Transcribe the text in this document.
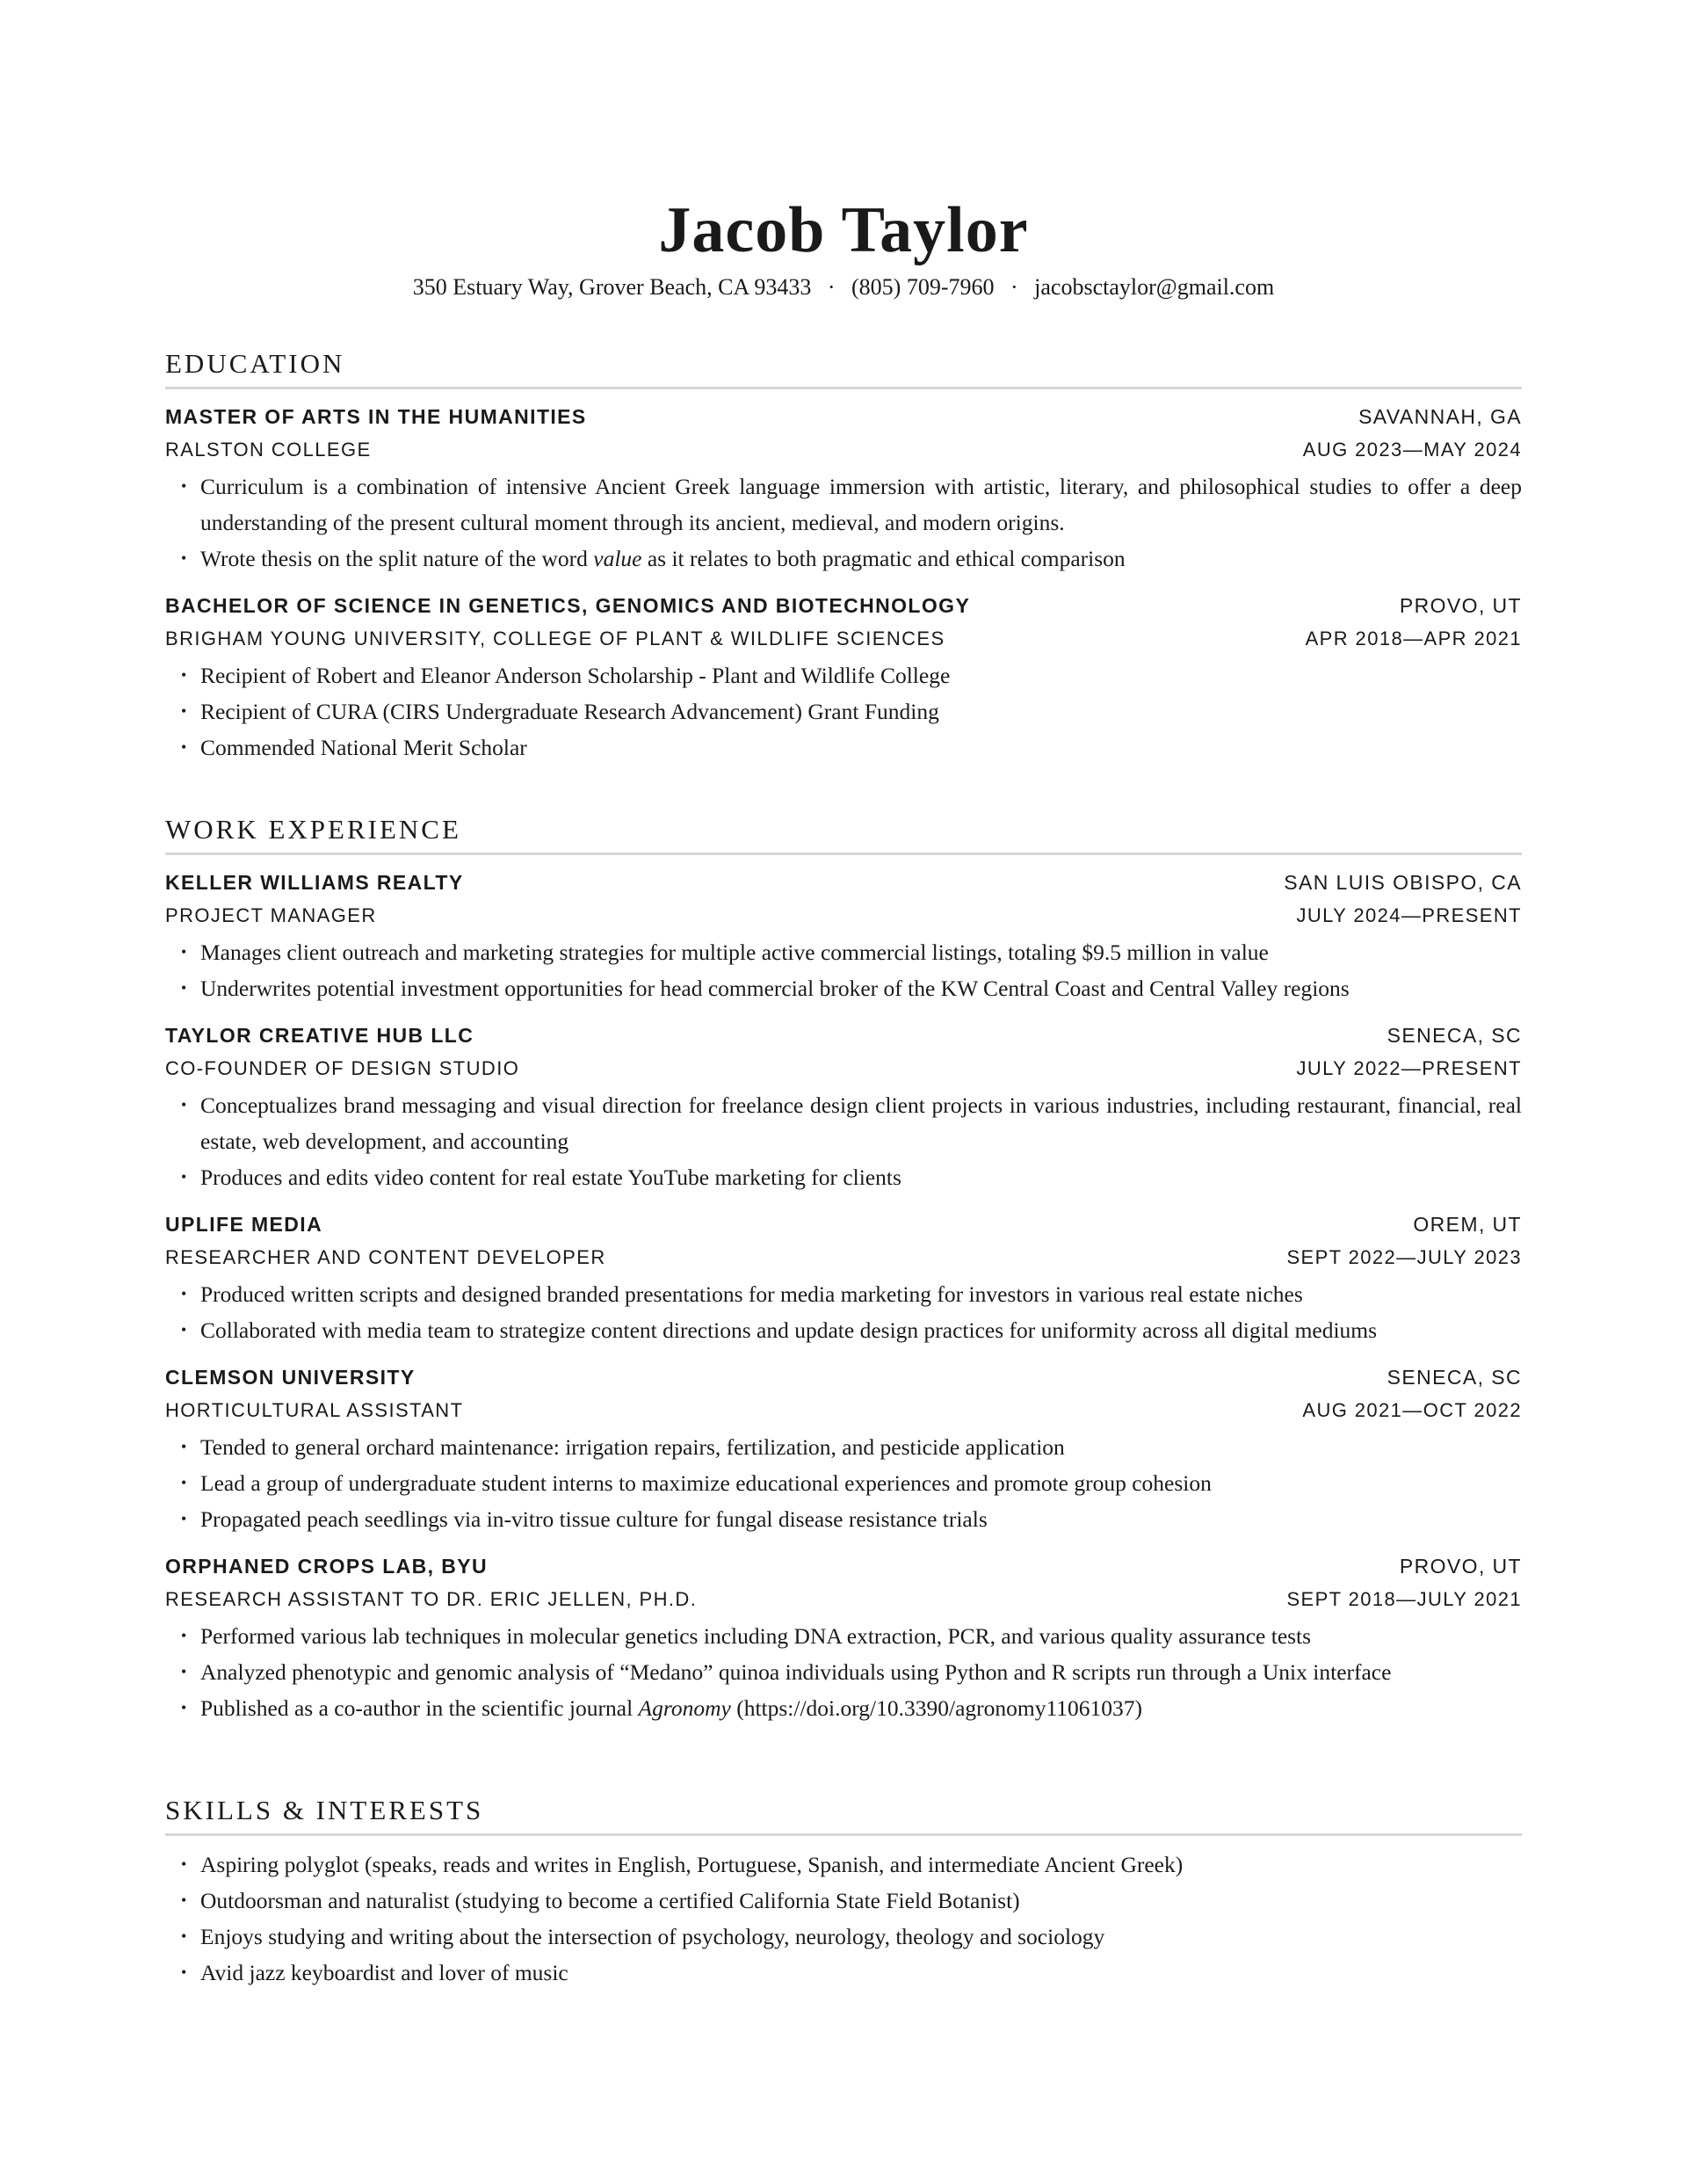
Jacob Taylor
350 Estuary Way, Grover Beach, CA 93433 · (805) 709-7960 · jacobsctaylor@gmail.com
EDUCATION
MASTER OF ARTS IN THE HUMANITIES	SAVANNAH, GA
RALSTON COLLEGE	AUG 2023—MAY 2024
• Curriculum is a combination of intensive Ancient Greek language immersion with artistic, literary, and philosophical studies to offer a deep understanding of the present cultural moment through its ancient, medieval, and modern origins.
• Wrote thesis on the split nature of the word value as it relates to both pragmatic and ethical comparison
BACHELOR OF SCIENCE IN GENETICS, GENOMICS AND BIOTECHNOLOGY	PROVO, UT
BRIGHAM YOUNG UNIVERSITY, COLLEGE OF PLANT & WILDLIFE SCIENCES	APR 2018—APR 2021
• Recipient of Robert and Eleanor Anderson Scholarship - Plant and Wildlife College
• Recipient of CURA (CIRS Undergraduate Research Advancement) Grant Funding
• Commended National Merit Scholar
WORK EXPERIENCE
KELLER WILLIAMS REALTY	SAN LUIS OBISPO, CA
PROJECT MANAGER	JULY 2024—PRESENT
• Manages client outreach and marketing strategies for multiple active commercial listings, totaling $9.5 million in value
• Underwrites potential investment opportunities for head commercial broker of the KW Central Coast and Central Valley regions
TAYLOR CREATIVE HUB LLC	SENECA, SC
CO-FOUNDER OF DESIGN STUDIO	JULY 2022—PRESENT
• Conceptualizes brand messaging and visual direction for freelance design client projects in various industries, including restaurant, financial, real estate, web development, and accounting
• Produces and edits video content for real estate YouTube marketing for clients
UPLIFE MEDIA	OREM, UT
RESEARCHER AND CONTENT DEVELOPER	SEPT 2022—JULY 2023
• Produced written scripts and designed branded presentations for media marketing for investors in various real estate niches
• Collaborated with media team to strategize content directions and update design practices for uniformity across all digital mediums
CLEMSON UNIVERSITY	SENECA, SC
HORTICULTURAL ASSISTANT	AUG 2021—OCT 2022
• Tended to general orchard maintenance: irrigation repairs, fertilization, and pesticide application
• Lead a group of undergraduate student interns to maximize educational experiences and promote group cohesion
• Propagated peach seedlings via in-vitro tissue culture for fungal disease resistance trials
ORPHANED CROPS LAB, BYU	PROVO, UT
RESEARCH ASSISTANT TO DR. ERIC JELLEN, PH.D.	SEPT 2018—JULY 2021
• Performed various lab techniques in molecular genetics including DNA extraction, PCR, and various quality assurance tests
• Analyzed phenotypic and genomic analysis of “Medano” quinoa individuals using Python and R scripts run through a Unix interface
• Published as a co-author in the scientific journal Agronomy (https://doi.org/10.3390/agronomy11061037)
SKILLS & INTERESTS
• Aspiring polyglot (speaks, reads and writes in English, Portuguese, Spanish, and intermediate Ancient Greek)
• Outdoorsman and naturalist (studying to become a certified California State Field Botanist)
• Enjoys studying and writing about the intersection of psychology, neurology, theology and sociology
• Avid jazz keyboardist and lover of music
